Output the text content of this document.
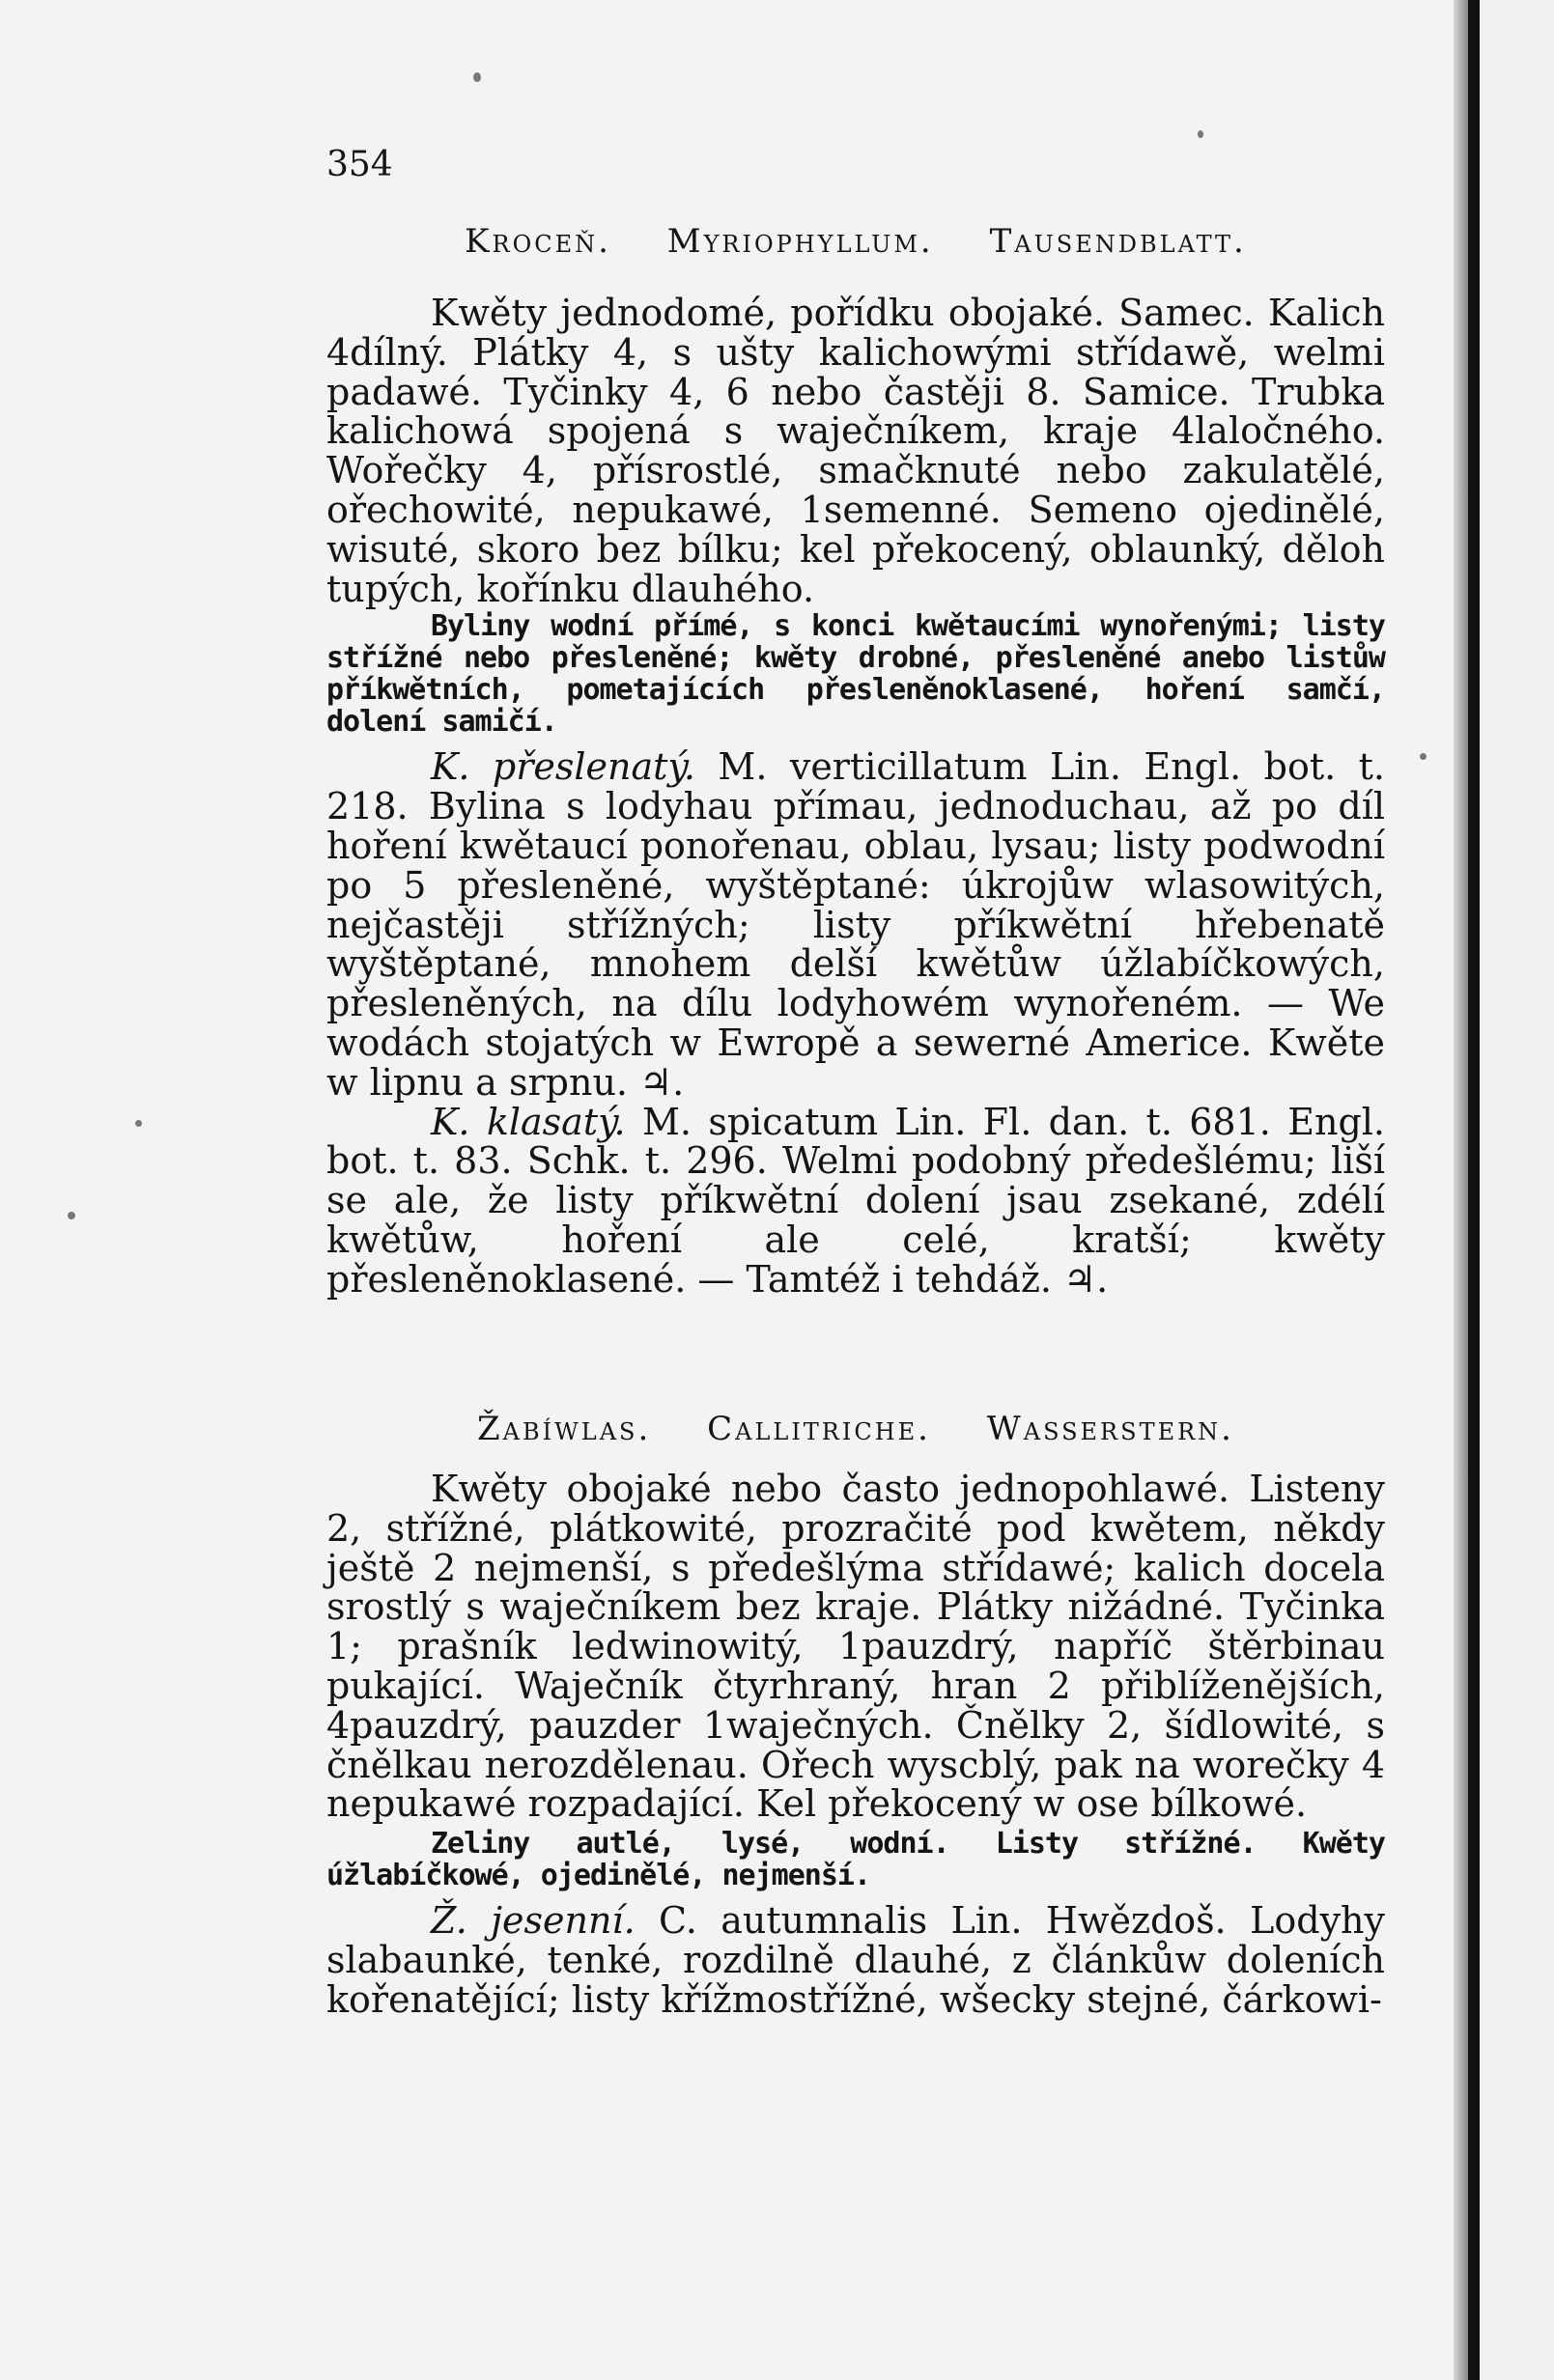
354

Kroceň. Myriophyllum. Tausendblatt.

Kwěty jednodomé, pořídku obojaké. Samec. Kalich 4dílný. Plátky 4, s ušty kalichowými střídawě, welmi padawé. Tyčinky 4, 6 nebo častěji 8. Samice. Trubka kalichowá spojená s waječníkem, kraje 4laločného. Wořečky 4, přísrostlé, smačknuté nebo zakulatělé, ořechowité, nepukawé, 1semenné. Semeno ojedinělé, wisuté, skoro bez bílku; kel překocený, oblaunký, děloh tupých, kořínku dlauhého.

Byliny wodní přímé, s konci kwětaucími wynořenými; listy střížné nebo přesleněné; kwěty drobné, přesleněné anebo listůw příkwětních, pometajících přesleněnoklasené, hoření samčí, dolení samičí.

K. přeslenatý. M. verticillatum Lin. Engl. bot. t. 218. Bylina s lodyhau přímau, jednoduchau, až po díl hoření kwětaucí ponořenau, oblau, lysau; listy podwodní po 5 přesleněné, wyštěptané: úkrojůw wlasowitých, nejčastěji střížných; listy příkwětní hřebenatě wyštěptané, mnohem delší kwětůw úžlabíčkowých, přesleněných, na dílu lodyhowém wynořeném. — We wodách stojatých w Ewropě a sewerné Americe. Kwěte w lipnu a srpnu. ♃.

K. klasatý. M. spicatum Lin. Fl. dan. t. 681. Engl. bot. t. 83. Schk. t. 296. Welmi podobný předešlému; liší se ale, že listy příkwětní dolení jsau zsekané, zdélí kwětůw, hoření ale celé, kratší; kwěty přesleněnoklasené. — Tamtéž i tehdáž. ♃.

Žabíwlas. Callitriche. Wasserstern.

Kwěty obojaké nebo často jednopohlawé. Listeny 2, střížné, plátkowité, prozračité pod kwětem, někdy ještě 2 nejmenší, s předešlýma střídawé; kalich docela srostlý s waječníkem bez kraje. Plátky nižádné. Tyčinka 1; prašník ledwinowitý, 1pauzdrý, napříč štěrbinau pukající. Waječník čtyrhraný, hran 2 přiblíženějších, 4pauzdrý, pauzder 1waječných. Čnělky 2, šídlowité, s čnělkau nerozdělenau. Ořech wyscblý, pak na worečky 4 nepukawé rozpadající. Kel překocený w ose bílkowé.

Zeliny autlé, lysé, wodní. Listy střížné. Kwěty úžlabíčkowé, ojedinělé, nejmenší.

Ž. jesenní. C. autumnalis Lin. Hwězdoš. Lodyhy slabaunké, tenké, rozdilně dlauhé, z článkůw doleních kořenatějící; listy křížmostřížné, wšecky stejné, čárkowi-
